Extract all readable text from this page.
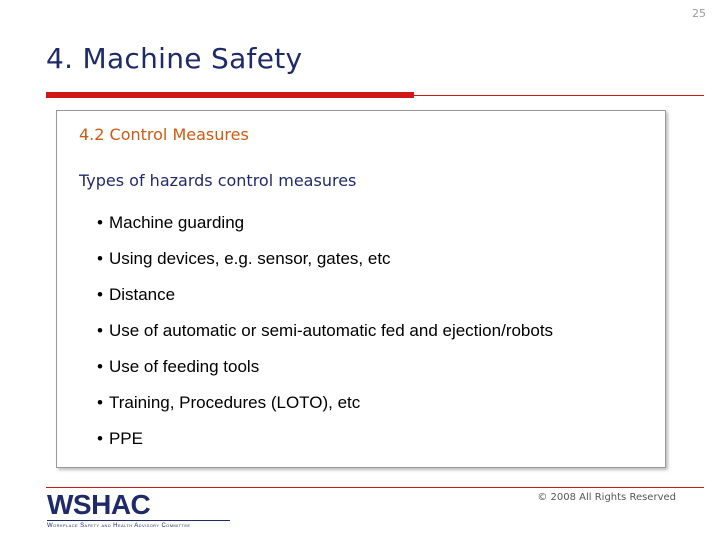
25
4. Machine Safety
4.2 Control Measures
Types of hazards control measures
• Machine guarding
• Using devices, e.g. sensor, gates, etc
• Distance
• Use of automatic or semi-automatic fed and ejection/robots
• Use of feeding tools
• Training, Procedures (LOTO), etc
• PPE
WSHAC
Workplace Safety and Health Advisory Committee
© 2008 All Rights Reserved
